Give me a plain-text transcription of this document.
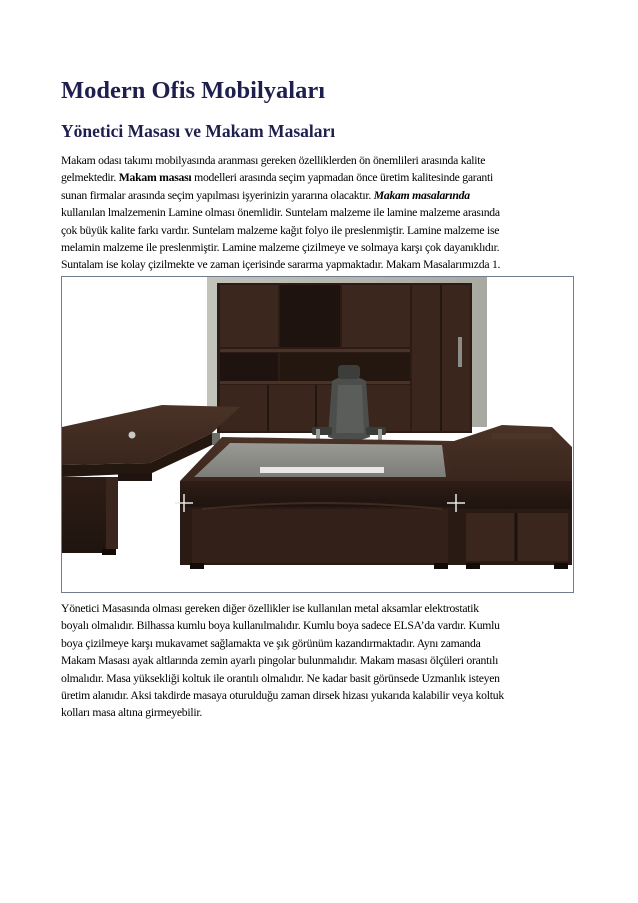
Modern Ofis Mobilyaları
Yönetici Masası ve Makam Masaları

Makam odası takımı mobilyasında aranması gereken özelliklerden ön önemlileri arasında kalite
gelmektedir. Makam masası modelleri arasında seçim yapmadan önce üretim kalitesinde garanti
sunan firmalar arasında seçim yapılması işyerinizin yararına olacaktır. Makam masalarında
kullanılan lmalzemenin Lamine olması önemlidir. Suntelam malzeme ile lamine malzeme arasında
çok büyük kalite farkı vardır. Suntelam malzeme kağıt folyo ile preslenmiştir. Lamine malzeme ise
melamin malzeme ile preslenmiştir. Lamine malzeme çizilmeye ve solmaya karşı çok dayanıklıdır.
Suntalam ise kolay çizilmekte ve zaman içerisinde sararma yapmaktadır. Makam Masalarımızda 1.

Yönetici Masasında olması gereken diğer özellikler ise kullanılan metal aksamlar elektrostatik
boyalı olmalıdır. Bilhassa kumlu boya kullanılmalıdır. Kumlu boya sadece ELSA’da vardır. Kumlu
boya çizilmeye karşı mukavamet sağlamakta ve şık görünüm kazandırmaktadır. Aynı zamanda
Makam Masası ayak altlarında zemin ayarlı pingolar bulunmalıdır. Makam masası ölçüleri orantılı
olmalıdır. Masa yüksekliği koltuk ile orantılı olmalıdır. Ne kadar basit görünsede Uzmanlık isteyen
üretim alanıdır. Aksi takdirde masaya oturulduğu zaman dirsek hizası yukarıda kalabilir veya koltuk
kolları masa altına girmeyebilir.
